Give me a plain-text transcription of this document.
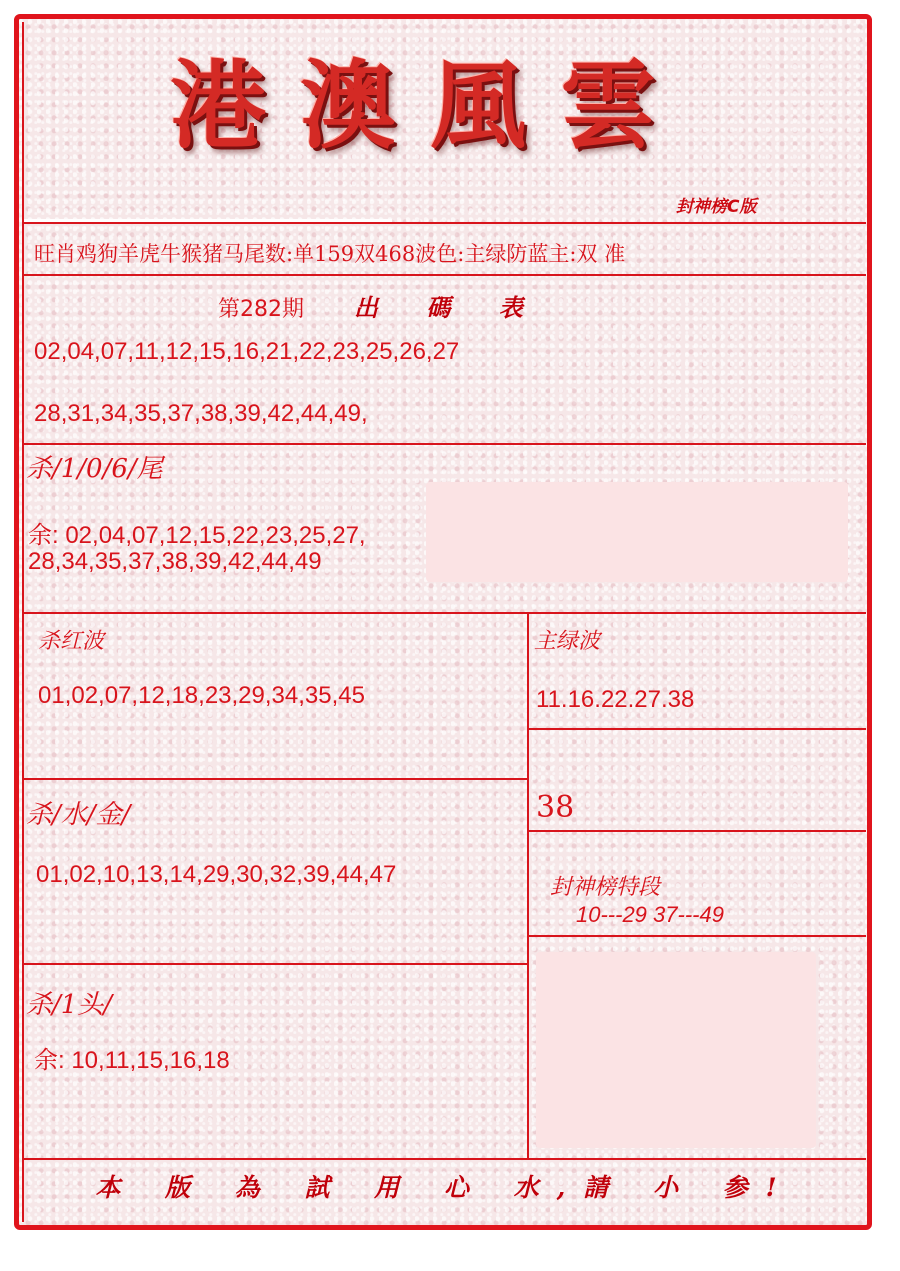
港澳風雲
封神榜C版
旺肖鸡狗羊虎牛猴猪马尾数:单159双468波色:主绿防蓝主:双 准
第282期 出 碼 表
02,04,07,11,12,15,16,21,22,23,25,26,27
28,31,34,35,37,38,39,42,44,49,
杀/1/0/6/尾
余: 02,04,07,12,15,22,23,25,27,
28,34,35,37,38,39,42,44,49
杀红波
01,02,07,12,18,23,29,34,35,45
主绿波
11.16.22.27.38
38
杀/水/金/
01,02,10,13,14,29,30,32,39,44,47	封神榜特段
10---29 37---49
杀/1头/
余: 10,11,15,16,18
本 版 為 試 用 心 水,請 小 参!
